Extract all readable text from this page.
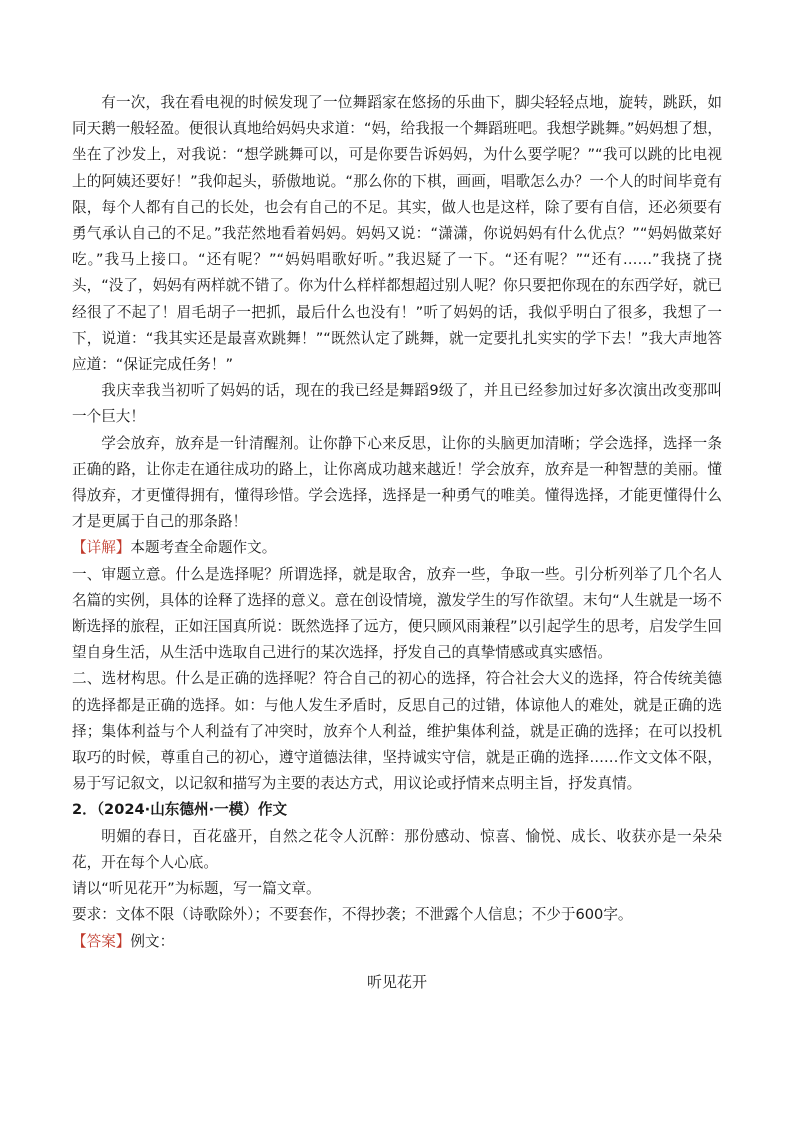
有一次，我在看电视的时候发现了一位舞蹈家在悠扬的乐曲下，脚尖轻轻点地，旋转，跳跃，如同天鹅一般轻盈。便很认真地给妈妈央求道：“妈，给我报一个舞蹈班吧。我想学跳舞。”妈妈想了想，坐在了沙发上，对我说：“想学跳舞可以，可是你要告诉妈妈，为什么要学呢？”“我可以跳的比电视上的阿姨还要好！”我仰起头，骄傲地说。“那么你的下棋，画画，唱歌怎么办？一个人的时间毕竟有限，每个人都有自己的长处，也会有自己的不足。其实，做人也是这样，除了要有自信，还必须要有勇气承认自己的不足。”我茫然地看着妈妈。妈妈又说：“潇潇，你说妈妈有什么优点？”“妈妈做菜好吃。”我马上接口。“还有呢？”“妈妈唱歌好听。”我迟疑了一下。“还有呢？”“还有……”我挠了挠头，“没了，妈妈有两样就不错了。你为什么样样都想超过别人呢？你只要把你现在的东西学好，就已经很了不起了！眉毛胡子一把抓，最后什么也没有！”听了妈妈的话，我似乎明白了很多，我想了一下，说道：“我其实还是最喜欢跳舞！”“既然认定了跳舞，就一定要扎扎实实的学下去！”我大声地答应道：“保证完成任务！”

我庆幸我当初听了妈妈的话，现在的我已经是舞蹈9级了，并且已经参加过好多次演出改变那叫一个巨大！

学会放弃，放弃是一针清醒剂。让你静下心来反思，让你的头脑更加清晰；学会选择，选择一条正确的路，让你走在通往成功的路上，让你离成功越来越近！学会放弃，放弃是一种智慧的美丽。懂得放弃，才更懂得拥有，懂得珍惜。学会选择，选择是一种勇气的唯美。懂得选择，才能更懂得什么才是更属于自己的那条路！

【详解】本题考查全命题作文。

一、审题立意。什么是选择呢？所谓选择，就是取舍，放弃一些，争取一些。引分析列举了几个名人名篇的实例，具体的诠释了选择的意义。意在创设情境，激发学生的写作欲望。末句“人生就是一场不断选择的旅程，正如汪国真所说：既然选择了远方，便只顾风雨兼程”以引起学生的思考，启发学生回望自身生活，从生活中选取自己进行的某次选择，抒发自己的真挚情感或真实感悟。

二、选材构思。什么是正确的选择呢？符合自己的初心的选择，符合社会大义的选择，符合传统美德的选择都是正确的选择。如：与他人发生矛盾时，反思自己的过错，体谅他人的难处，就是正确的选择；集体利益与个人利益有了冲突时，放弃个人利益，维护集体利益，就是正确的选择；在可以投机取巧的时候，尊重自己的初心，遵守道德法律，坚持诚实守信，就是正确的选择……作文文体不限，易于写记叙文，以记叙和描写为主要的表达方式，用议论或抒情来点明主旨，抒发真情。

2．（2024·山东德州·一模）作文

明媚的春日，百花盛开，自然之花令人沉醉：那份感动、惊喜、愉悦、成长、收获亦是一朵朵花，开在每个人心底。

请以“听见花开”为标题，写一篇文章。

要求：文体不限（诗歌除外）；不要套作，不得抄袭；不泄露个人信息；不少于600字。

【答案】例文：

听见花开
